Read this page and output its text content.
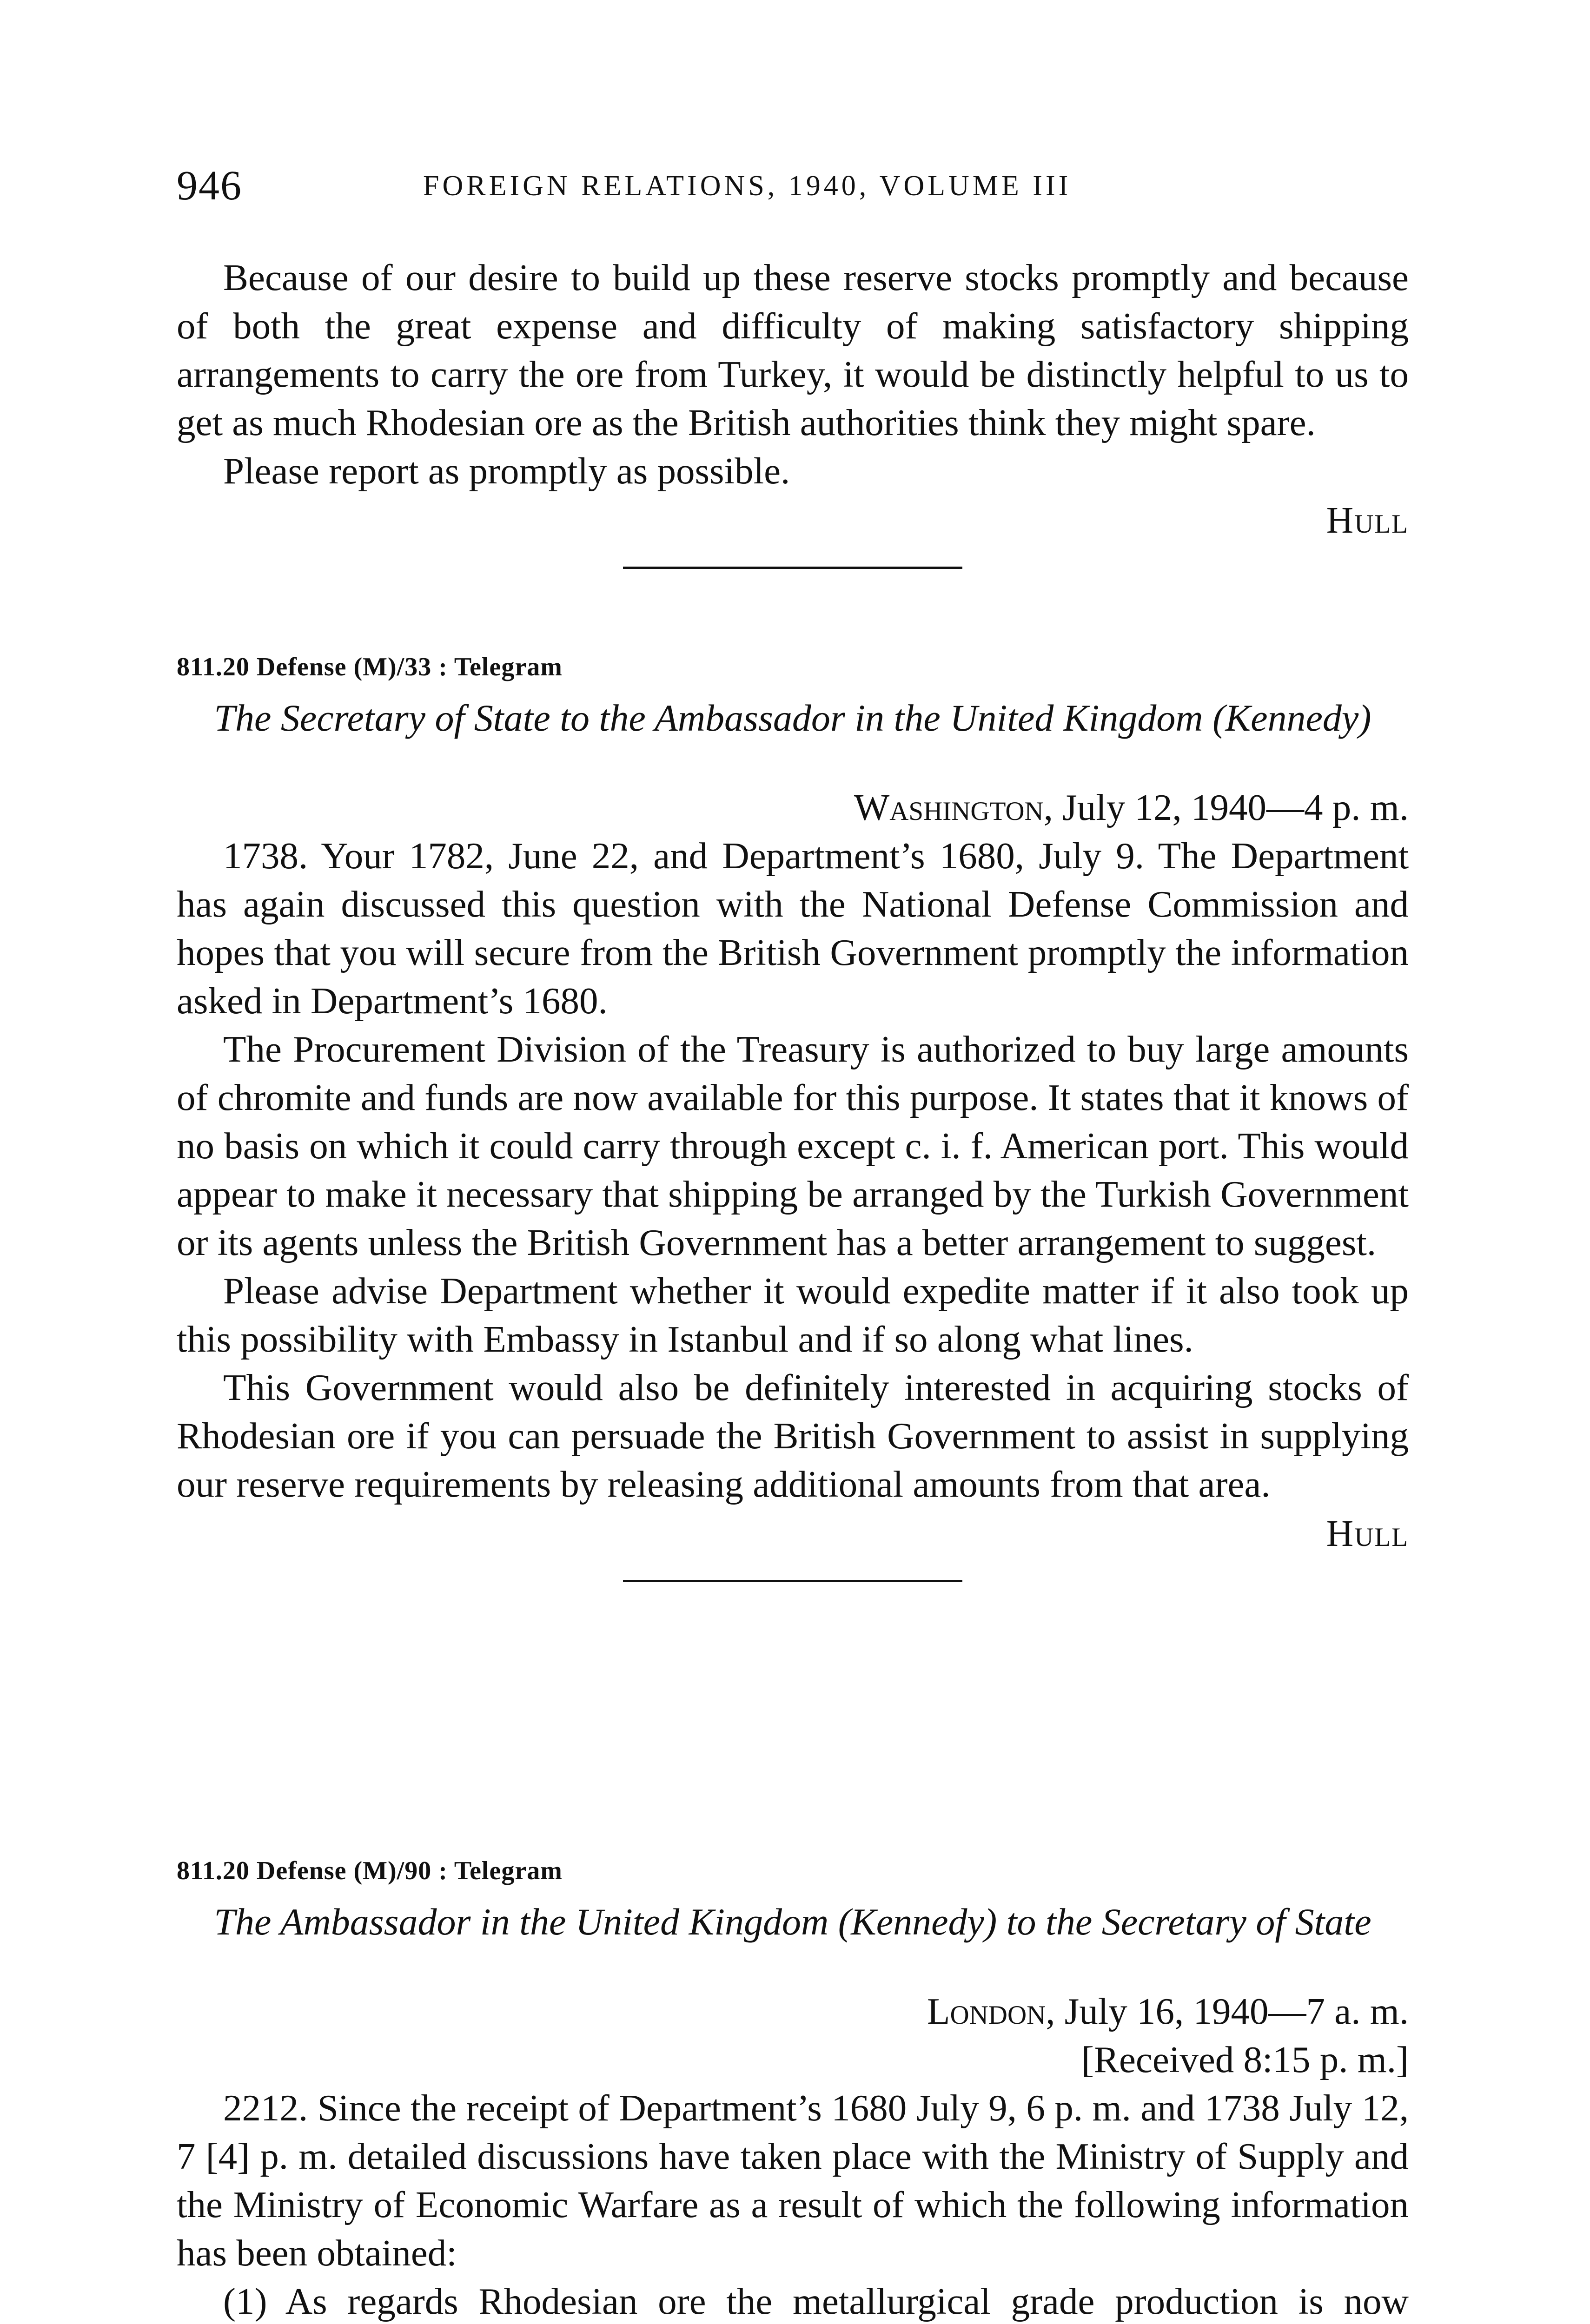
946	FOREIGN RELATIONS, 1940, VOLUME III

Because of our desire to build up these reserve stocks promptly and because of both the great expense and difficulty of making satisfactory shipping arrangements to carry the ore from Turkey, it would be distinctly helpful to us to get as much Rhodesian ore as the British authorities think they might spare.

Please report as promptly as possible.

Hull
811.20 Defense (M)/33 : Telegram
The Secretary of State to the Ambassador in the United Kingdom (Kennedy)
Washington, July 12, 1940—4 p. m.

1738. Your 1782, June 22, and Department’s 1680, July 9. The Department has again discussed this question with the National Defense Commission and hopes that you will secure from the British Government promptly the information asked in Department’s 1680.

The Procurement Division of the Treasury is authorized to buy large amounts of chromite and funds are now available for this purpose. It states that it knows of no basis on which it could carry through except c. i. f. American port. This would appear to make it necessary that shipping be arranged by the Turkish Government or its agents unless the British Government has a better arrangement to suggest.

Please advise Department whether it would expedite matter if it also took up this possibility with Embassy in Istanbul and if so along what lines.

This Government would also be definitely interested in acquiring stocks of Rhodesian ore if you can persuade the British Government to assist in supplying our reserve requirements by releasing additional amounts from that area.

Hull
811.20 Defense (M)/90 : Telegram
The Ambassador in the United Kingdom (Kennedy) to the Secretary of State
London, July 16, 1940—7 a. m.
[Received 8:15 p. m.]

2212. Since the receipt of Department’s 1680 July 9, 6 p. m. and 1738 July 12, 7 [4] p. m. detailed discussions have taken place with the Ministry of Supply and the Ministry of Economic Warfare as a result of which the following information has been obtained:

(1) As regards Rhodesian ore the metallurgical grade production is now
